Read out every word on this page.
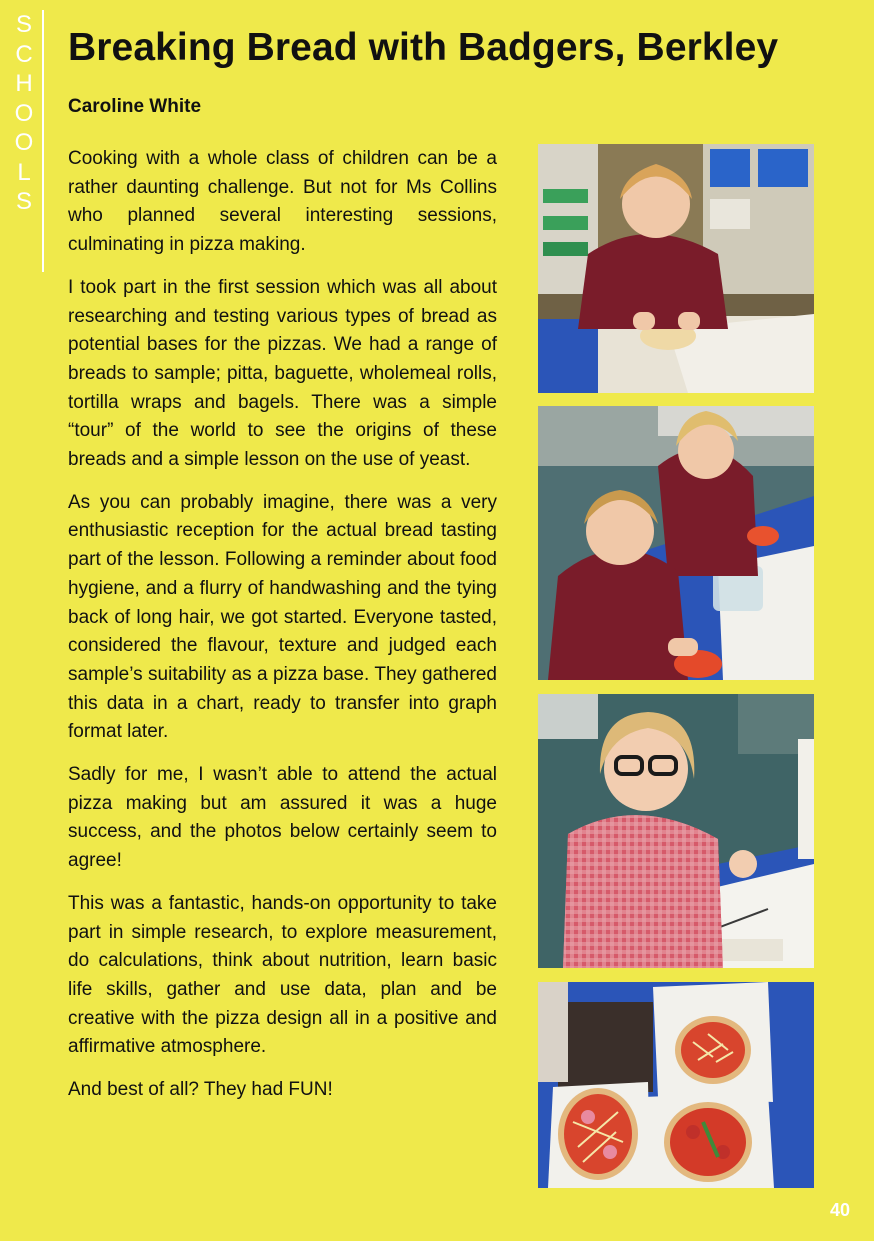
S
C
H
O
O
L
S
Breaking Bread with Badgers, Berkley
Caroline White

Cooking with a whole class of children can be a rather daunting challenge. But not for Ms Collins who planned several interesting sessions, culminating in pizza making.

I took part in the first session which was all about researching and testing various types of bread as potential bases for the pizzas. We had a range of breads to sample; pitta, baguette, wholemeal rolls, tortilla wraps and bagels. There was a simple “tour” of the world to see the origins of these breads and a simple lesson on the use of yeast.

As you can probably imagine, there was a very enthusiastic reception for the actual bread tasting part of the lesson. Following a reminder about food hygiene, and a flurry of handwashing and the tying back of long hair, we got started. Everyone tasted, considered the flavour, texture and judged each sample’s suitability as a pizza base. They gathered this data in a chart, ready to transfer into graph format later.

Sadly for me, I wasn’t able to attend the actual pizza making but am assured it was a huge success, and the photos below certainly seem to agree!

This was a fantastic, hands-on opportunity to take part in simple research, to explore measurement, do calculations, think about nutrition, learn basic life skills, gather and use data, plan and be creative with the pizza design all in a positive and affirmative atmosphere.

And best of all? They had FUN!

40
